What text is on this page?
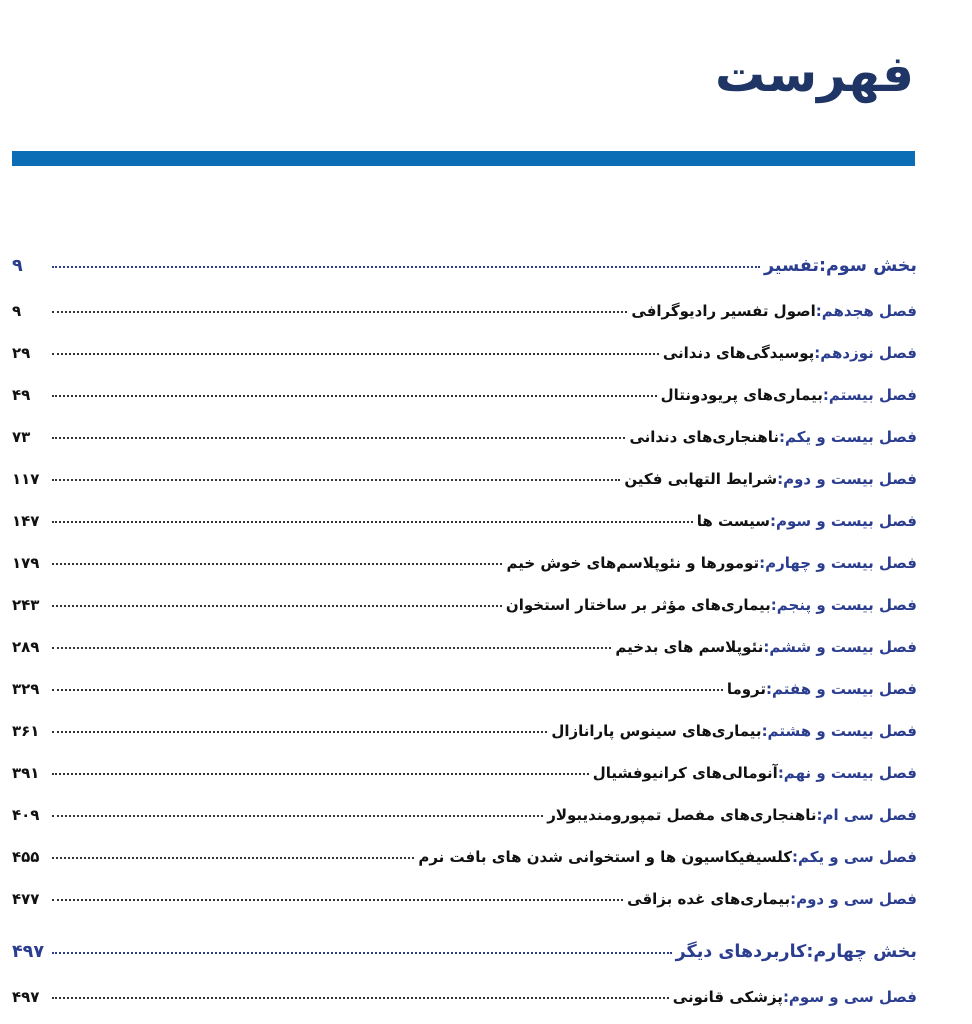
فهرست
بخش سوم:
تفسیر
۹
فصل هجدهم:
اصول تفسیر رادیوگرافی
۹
فصل نوزدهم:
پوسیدگی‌های دندانی
۲۹
فصل بیستم:
بیماری‌های پریودونتال
۴۹
فصل بیست و یکم:
ناهنجاری‌های دندانی
۷۳
فصل بیست و دوم:
شرایط التهابی فکین
۱۱۷
فصل بیست و سوم:
سیست ها
۱۴۷
فصل بیست و چهارم:
تومورها و نئوپلاسم‌های خوش خیم
۱۷۹
فصل بیست و پنجم:
بیماری‌های مؤثر بر ساختار استخوان
۲۴۳
فصل بیست و ششم:
نئوپلاسم های بدخیم
۲۸۹
فصل بیست و هفتم:
تروما
۳۲۹
فصل بیست و هشتم:
بیماری‌های سینوس پارانازال
۳۶۱
فصل بیست و نهم:
آنومالی‌های کرانیوفشیال
۳۹۱
فصل سی ام:
ناهنجاری‌های مفصل تمپورومندیبولار
۴۰۹
فصل سی و یکم:
کلسیفیکاسیون ها و استخوانی شدن های بافت نرم
۴۵۵
فصل سی و دوم:
بیماری‌های غده بزاقی
۴۷۷
بخش چهارم:
کاربردهای دیگر
۴۹۷
فصل سی و سوم:
پزشکی قانونی
۴۹۷
